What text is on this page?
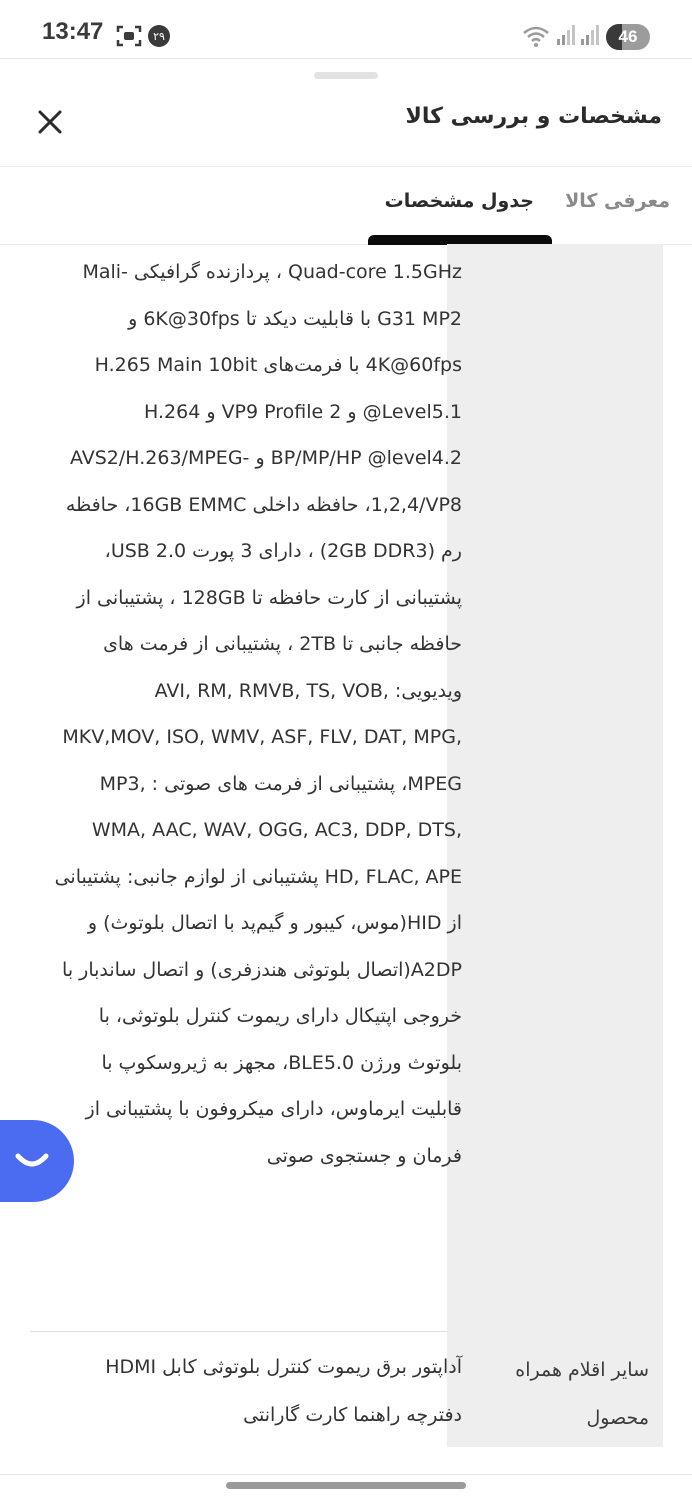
13:47	۲۹	46
مشخصات و بررسی کالا
معرفی کالا
جدول مشخصات

Quad-core 1.5GHz ، پردازنده گرافیکی Mali-G31 MP2 با قابلیت دیکد تا 6K@30fps و 4K@60fps با فرمت‌های H.265 Main 10bit @Level5.1 و VP9 Profile 2 و H.264 BP/MP/HP @level4.2 و AVS2/H.263/MPEG-1,2,4/VP8، حافظه داخلی 16GB EMMC، حافظه رم (2GB DDR3) ، دارای 3 پورت USB 2.0، پشتیبانی از کارت حافظه تا 128GB ، پشتیبانی از حافظه جانبی تا 2TB ، پشتیبانی از فرمت های ویدیویی: AVI, RM, RMVB, TS, VOB, MKV,MOV, ISO, WMV, ASF, FLV, DAT, MPG, MPEG، پشتیبانی از فرمت های صوتی : MP3, WMA, AAC, WAV, OGG, AC3, DDP, DTS, HD, FLAC, APE پشتیبانی از لوازم جانبی: پشتیبانی از HID(موس، کیبور و گیم‌پد با اتصال بلوتوث) و A2DP(اتصال بلوتوثی هندزفری) و اتصال ساندبار با خروجی اپتیکال دارای ریموت کنترل بلوتوثی، با بلوتوث ورژن BLE5.0، مجهز به ژیروسکوپ با قابلیت ایرماوس، دارای میکروفون با پشتیبانی از فرمان و جستجوی صوتی

آداپتور برق ریموت کنترل بلوتوثی کابل HDMI دفترچه راهنما کارت گارانتی

سایر اقلام همراه محصول
